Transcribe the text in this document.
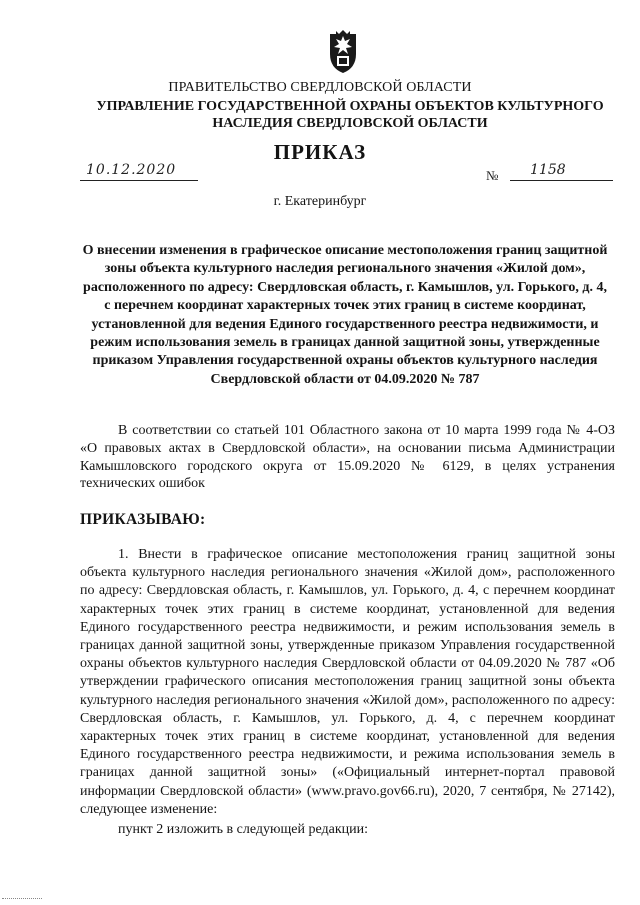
ПРАВИТЕЛЬСТВО СВЕРДЛОВСКОЙ ОБЛАСТИ
УПРАВЛЕНИЕ ГОСУДАРСТВЕННОЙ ОХРАНЫ ОБЪЕКТОВ КУЛЬТУРНОГО НАСЛЕДИЯ СВЕРДЛОВСКОЙ ОБЛАСТИ
ПРИКАЗ
10.12.2020	№ 1158
г. Екатеринбург
О внесении изменения в графическое описание местоположения границ защитной зоны объекта культурного наследия регионального значения «Жилой дом», расположенного по адресу: Свердловская область, г. Камышлов, ул. Горького, д. 4, с перечнем координат характерных точек этих границ в системе координат, установленной для ведения Единого государственного реестра недвижимости, и режим использования земель в границах данной защитной зоны, утвержденные приказом Управления государственной охраны объектов культурного наследия Свердловской области от 04.09.2020 № 787
В соответствии со статьей 101 Областного закона от 10 марта 1999 года № 4-ОЗ «О правовых актах в Свердловской области», на основании письма Администрации Камышловского городского округа от 15.09.2020 № 6129, в целях устранения технических ошибок
ПРИКАЗЫВАЮ:
1. Внести в графическое описание местоположения границ защитной зоны объекта культурного наследия регионального значения «Жилой дом», расположенного по адресу: Свердловская область, г. Камышлов, ул. Горького, д. 4, с перечнем координат характерных точек этих границ в системе координат, установленной для ведения Единого государственного реестра недвижимости, и режим использования земель в границах данной защитной зоны, утвержденные приказом Управления государственной охраны объектов культурного наследия Свердловской области от 04.09.2020 № 787 «Об утверждении графического описания местоположения границ защитной зоны объекта культурного наследия регионального значения «Жилой дом», расположенного по адресу: Свердловская область, г. Камышлов, ул. Горького, д. 4, с перечнем координат характерных точек этих границ в системе координат, установленной для ведения Единого государственного реестра недвижимости, и режима использования земель в границах данной защитной зоны» («Официальный интернет-портал правовой информации Свердловской области» (www.pravo.gov66.ru), 2020, 7 сентября, № 27142), следующее изменение:
пункт 2 изложить в следующей редакции:
